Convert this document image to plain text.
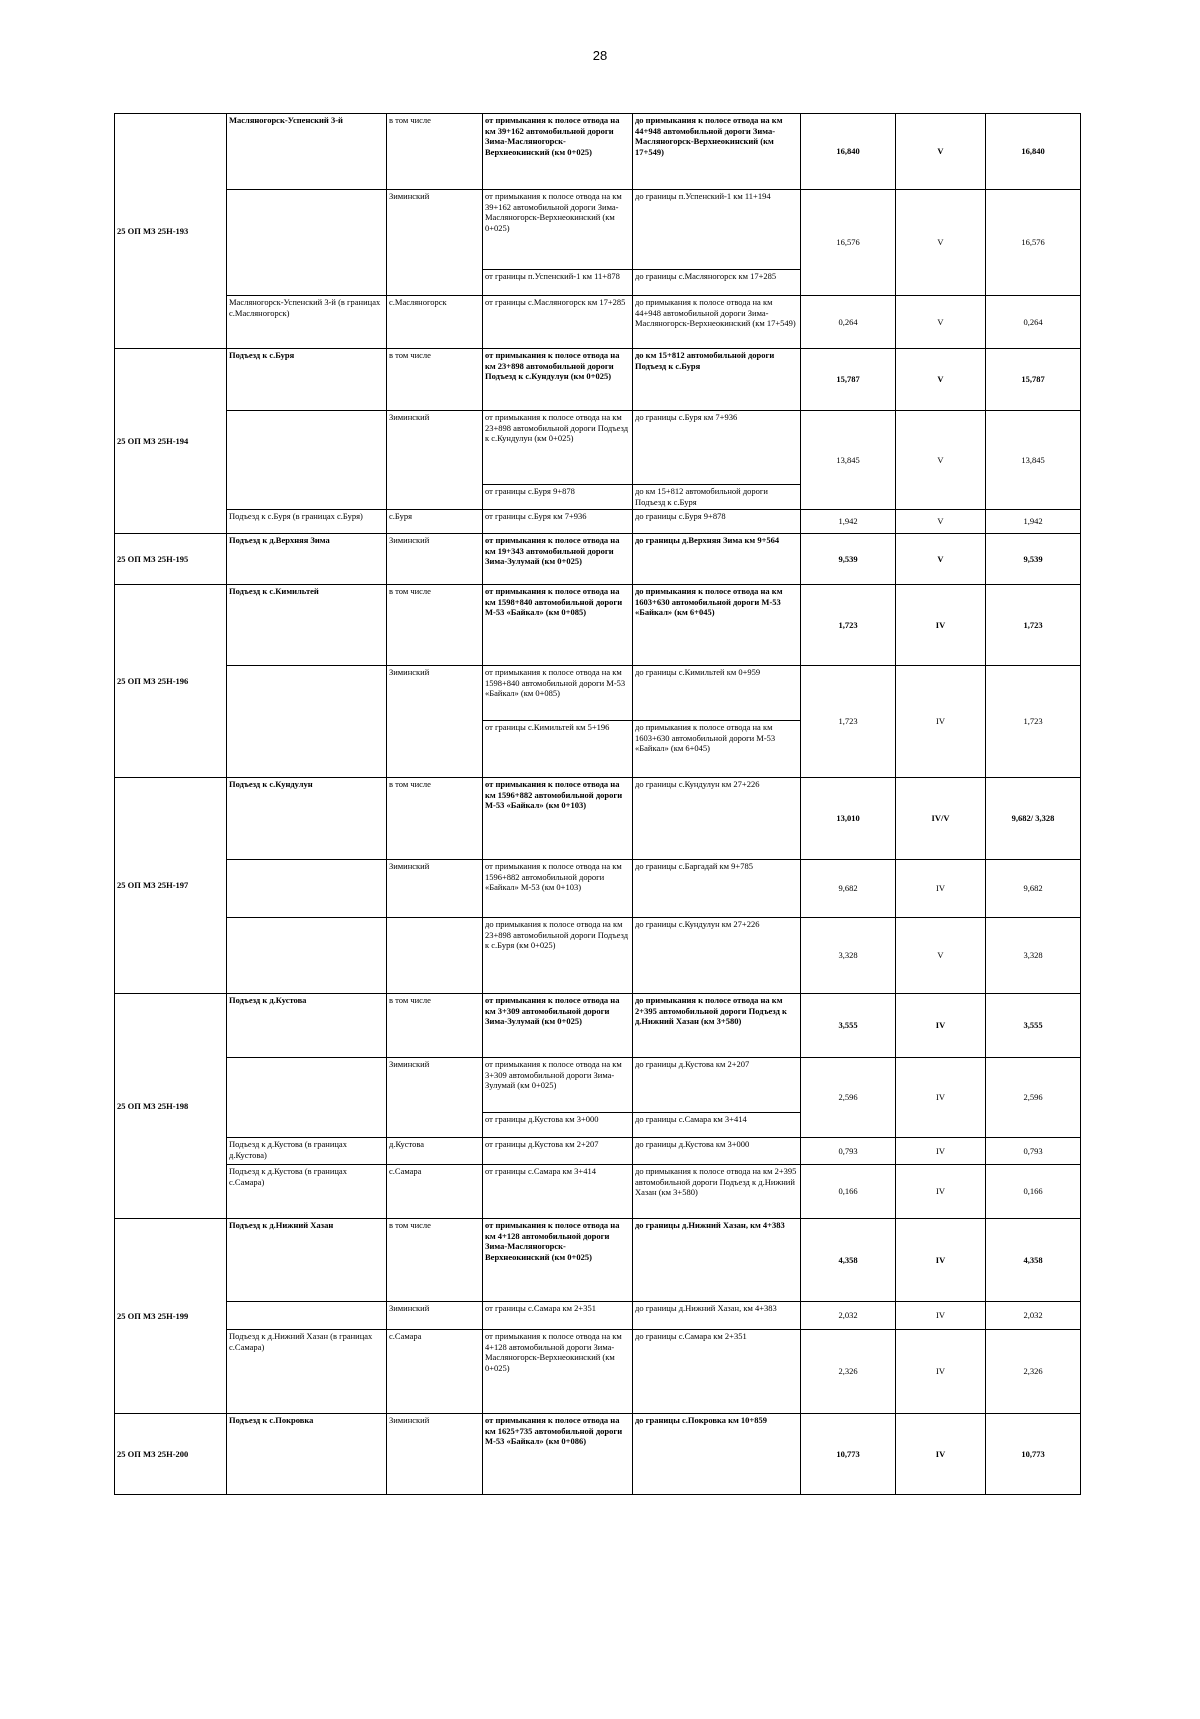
28
25 ОП МЗ 25Н-193	Масляногорск-Успенский 3-й	в том числе	от примыкания к полосе отвода на км 39+162 автомобильной дороги Зима-Масляногорск-Верхнеокинский (км 0+025)	до примыкания к полосе отвода на км 44+948 автомобильной дороги Зима-Масляногорск-Верхнеокинский (км 17+549)	16,840	V	16,840
		Зиминский	от примыкания к полосе отвода на км 39+162 автомобильной дороги Зима-Масляногорск-Верхнеокинский (км 0+025)	до границы п.Успенский-1 км 11+194	16,576	V	16,576
			от границы п.Успенский-1 км 11+878	до границы с.Масляногорск км 17+285			
	Масляногорск-Успенский 3-й (в границах с.Масляногорск)	с.Масляногорск	от границы с.Масляногорск км 17+285	до примыкания к полосе отвода на км 44+948 автомобильной дороги Зима-Масляногорск-Верхнеокинский (км 17+549)	0,264	V	0,264
25 ОП МЗ 25Н-194	Подъезд к с.Буря	в том числе	от примыкания к полосе отвода на км 23+898 автомобильной дороги Подъезд к с.Кундулун (км 0+025)	до км 15+812 автомобильной дороги Подъезд к с.Буря	15,787	V	15,787
		Зиминский	от примыкания к полосе отвода на км 23+898 автомобильной дороги Подъезд к с.Кундулун (км 0+025)	до границы с.Буря км 7+936	13,845	V	13,845
			от границы с.Буря 9+878	до км 15+812 автомобильной дороги Подъезд к с.Буря			
	Подъезд к с.Буря (в границах с.Буря)	с.Буря	от границы с.Буря км 7+936	до границы с.Буря 9+878	1,942	V	1,942
25 ОП МЗ 25Н-195	Подъезд к д.Верхняя Зима	Зиминский	от примыкания к полосе отвода на км 19+343 автомобильной дороги Зима-Зулумай (км 0+025)	до границы д.Верхняя Зима км 9+564	9,539	V	9,539
25 ОП МЗ 25Н-196	Подъезд к с.Кимильтей	в том числе	от примыкания к полосе отвода на км 1598+840 автомобильной дороги М-53 «Байкал» (км 0+085)	до примыкания к полосе отвода на км 1603+630 автомобильной дороги М-53 «Байкал» (км 6+045)	1,723	IV	1,723
		Зиминский	от примыкания к полосе отвода на км 1598+840 автомобильной дороги М-53 «Байкал» (км 0+085)	до границы с.Кимильтей км 0+959	1,723	IV	1,723
			от границы с.Кимильтей км 5+196	до примыкания к полосе отвода на км 1603+630 автомобильной дороги М-53 «Байкал» (км 6+045)			
25 ОП МЗ 25Н-197	Подъезд к с.Кундулун	в том числе	от примыкания к полосе отвода на км 1596+882 автомобильной дороги М-53 «Байкал» (км 0+103)	до границы с.Кундулун км 27+226	13,010	IV/V	9,682/ 3,328
		Зиминский	от примыкания к полосе отвода на км 1596+882 автомобильной дороги «Байкал» М-53 (км 0+103)	до границы с.Баргадай км 9+785	9,682	IV	9,682
			до примыкания к полосе отвода на км 23+898 автомобильной дороги Подъезд к с.Буря (км 0+025)	до границы с.Кундулун км 27+226	3,328	V	3,328
25 ОП МЗ 25Н-198	Подъезд к д.Кустова	в том числе	от примыкания к полосе отвода на км 3+309 автомобильной дороги Зима-Зулумай (км 0+025)	до примыкания к полосе отвода на км 2+395 автомобильной дороги Подъезд к д.Нижний Хазан (км 3+580)	3,555	IV	3,555
		Зиминский	от примыкания к полосе отвода на км 3+309 автомобильной дороги Зима-Зулумай (км 0+025)	до границы д.Кустова км 2+207	2,596	IV	2,596
			от границы д.Кустова км 3+000	до границы с.Самара км 3+414			
	Подъезд к д.Кустова (в границах д.Кустова)	д.Кустова	от границы д.Кустова км 2+207	до границы д.Кустова км 3+000	0,793	IV	0,793
	Подъезд к д.Кустова (в границах с.Самара)	с.Самара	от границы с.Самара км 3+414	до примыкания к полосе отвода на км 2+395 автомобильной дороги Подъезд к д.Нижний Хазан (км 3+580)	0,166	IV	0,166
25 ОП МЗ 25Н-199	Подъезд к д.Нижний Хазан	в том числе	от примыкания к полосе отвода на км 4+128 автомобильной дороги Зима-Масляногорск-Верхнеокинский (км 0+025)	до границы д.Нижний Хазан, км 4+383	4,358	IV	4,358
		Зиминский	от границы с.Самара км 2+351	до границы д.Нижний Хазан, км 4+383	2,032	IV	2,032
	Подъезд к д.Нижний Хазан (в границах с.Самара)	с.Самара	от примыкания к полосе отвода на км 4+128 автомобильной дороги Зима-Масляногорск-Верхнеокинский (км 0+025)	до границы с.Самара км 2+351	2,326	IV	2,326
25 ОП МЗ 25Н-200	Подъезд к с.Покровка	Зиминский	от примыкания к полосе отвода на км 1625+735 автомобильной дороги М-53 «Байкал» (км 0+086)	до границы с.Покровка км 10+859	10,773	IV	10,773
